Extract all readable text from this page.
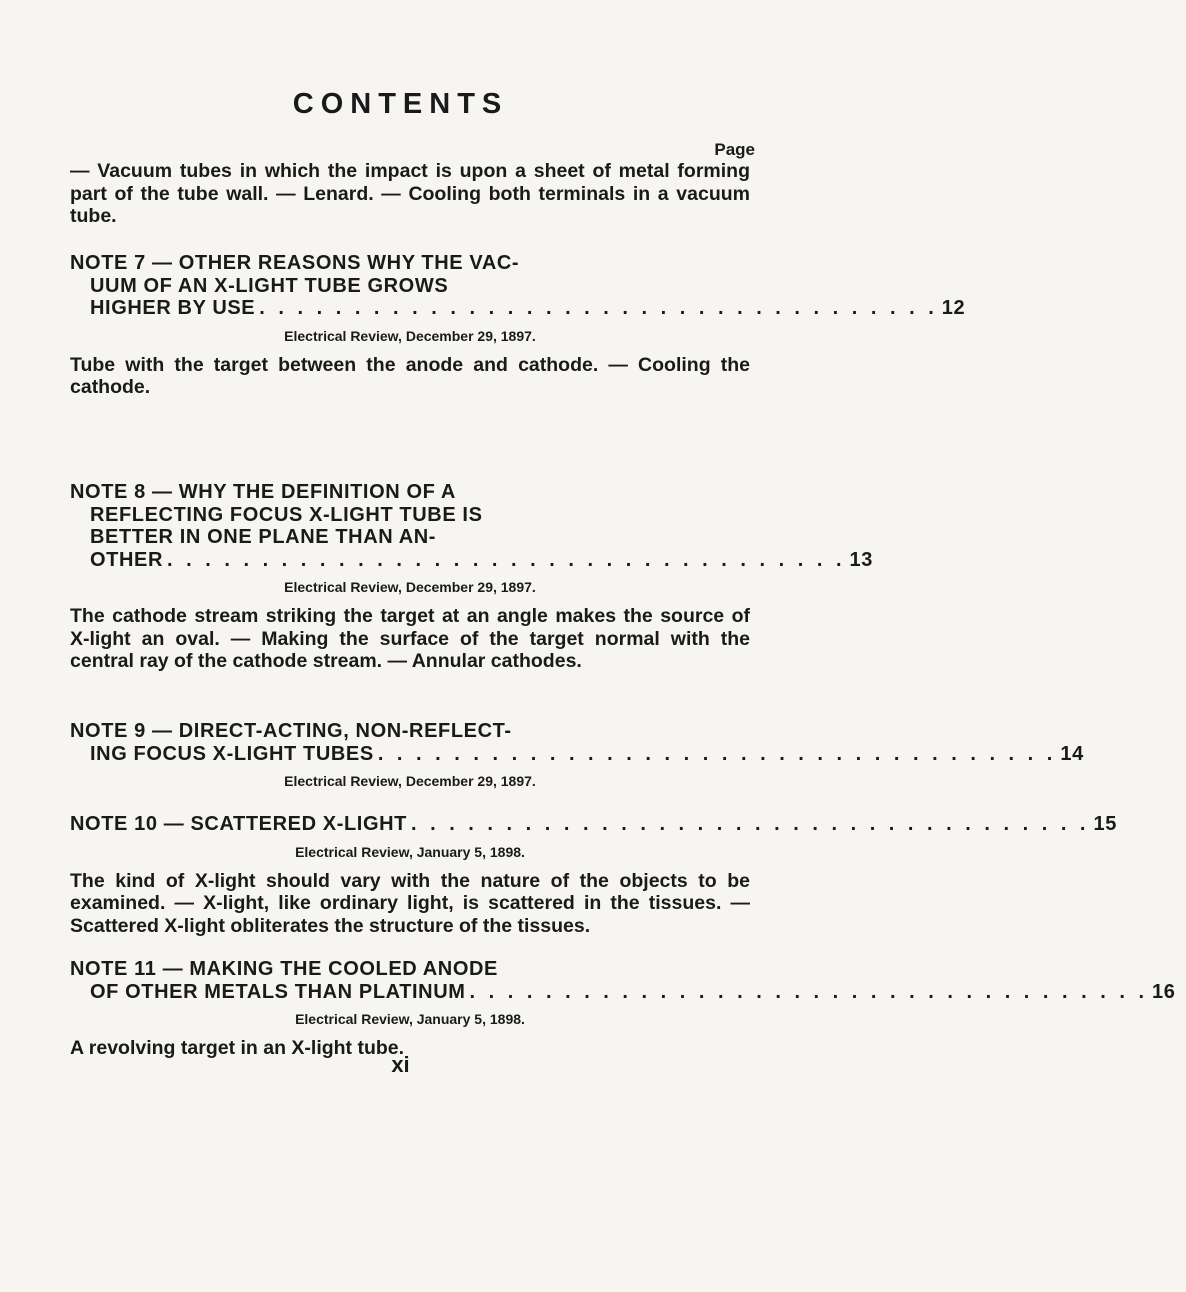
CONTENTS
Page

— Vacuum tubes in which the impact is upon a sheet of metal forming part of the tube wall. — Lenard. — Cooling both terminals in a vacuum tube.

NOTE 7 — OTHER REASONS WHY THE VAC-
UUM OF AN X-LIGHT TUBE GROWS
HIGHER BY USE . . . . . . . . . . . . . . . . . . . . . . . . . . . . . . . . . . . . 12
Electrical Review, December 29, 1897.

Tube with the target between the anode and cathode. — Cooling the cathode.

NOTE 8 — WHY THE DEFINITION OF A
REFLECTING FOCUS X-LIGHT TUBE IS
BETTER IN ONE PLANE THAN AN-
OTHER . . . . . . . . . . . . . . . . . . . . . . . . . . . . . . . . . . . . 13
Electrical Review, December 29, 1897.

The cathode stream striking the target at an angle makes the source of X-light an oval. — Making the surface of the target normal with the central ray of the cathode stream. — Annular cathodes.

NOTE 9 — DIRECT-ACTING, NON-REFLECT-
ING FOCUS X-LIGHT TUBES . . . . . . . . . . . . . . . . . . . . . . . . . . . . . . . . . . . . 14
Electrical Review, December 29, 1897.
NOTE 10 — SCATTERED X-LIGHT . . . . . . . . . . . . . . . . . . . . . . . . . . . . . . . . . . . . 15
Electrical Review, January 5, 1898.

The kind of X-light should vary with the nature of the objects to be examined. — X-light, like ordinary light, is scattered in the tissues. — Scattered X-light obliterates the structure of the tissues.

NOTE 11 — MAKING THE COOLED ANODE
OF OTHER METALS THAN PLATINUM . . . . . . . . . . . . . . . . . . . . . . . . . . . . . . . . . . . . 16
Electrical Review, January 5, 1898.

A revolving target in an X-light tube.

xi
